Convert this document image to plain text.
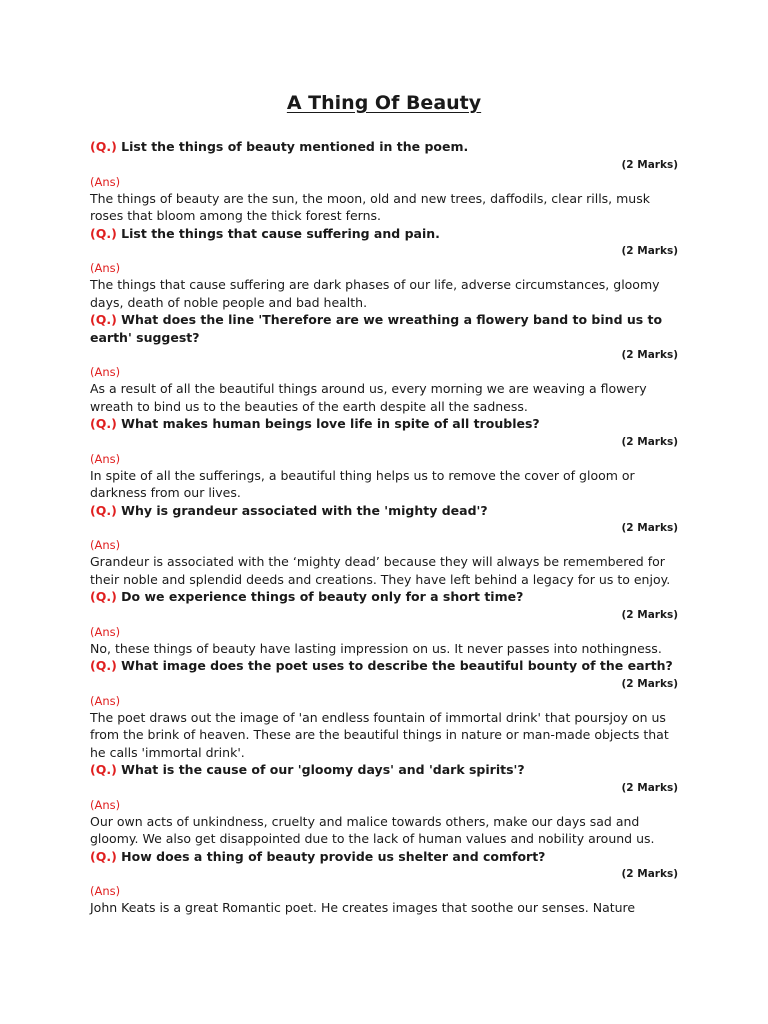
A Thing Of Beauty

(Q.) List the things of beauty mentioned in the poem.

(2 Marks)
(Ans)

The things of beauty are the sun, the moon, old and new trees, daffodils, clear rills, musk roses that bloom among the thick forest ferns.

(Q.) List the things that cause suffering and pain.

(2 Marks)
(Ans)

The things that cause suffering are dark phases of our life, adverse circumstances, gloomy days, death of noble people and bad health.

(Q.) What does the line 'Therefore are we wreathing a flowery band to bind us to earth' suggest?

(2 Marks)
(Ans)

As a result of all the beautiful things around us, every morning we are weaving a flowery wreath to bind us to the beauties of the earth despite all the sadness.

(Q.) What makes human beings love life in spite of all troubles?

(2 Marks)
(Ans)

In spite of all the sufferings, a beautiful thing helps us to remove the cover of gloom or darkness from our lives.

(Q.) Why is grandeur associated with the 'mighty dead'?

(2 Marks)
(Ans)

Grandeur is associated with the ‘mighty dead’ because they will always be remembered for their noble and splendid deeds and creations. They have left behind a legacy for us to enjoy.

(Q.) Do we experience things of beauty only for a short time?

(2 Marks)
(Ans)

No, these things of beauty have lasting impression on us. It never passes into nothingness.

(Q.) What image does the poet uses to describe the beautiful bounty of the earth?

(2 Marks)
(Ans)

The poet draws out the image of 'an endless fountain of immortal drink' that poursjoy on us from the brink of heaven. These are the beautiful things in nature or man-made objects that he calls 'immortal drink'.

(Q.) What is the cause of our 'gloomy days' and 'dark spirits'?

(2 Marks)
(Ans)

Our own acts of unkindness, cruelty and malice towards others, make our days sad and gloomy. We also get disappointed due to the lack of human values and nobility around us.

(Q.) How does a thing of beauty provide us shelter and comfort?

(2 Marks)
(Ans)

John Keats is a great Romantic poet. He creates images that soothe our senses. Nature
